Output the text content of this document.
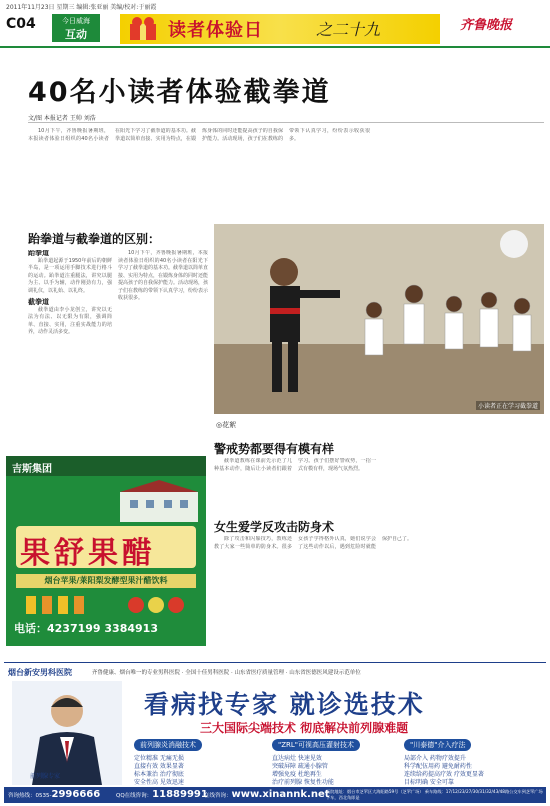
2011年11月23日 星期三 编辑:张亚丽 美编/校对:于丽霞
C04	今日威海
互动	读者体验日	之二十九	齐鲁晚报
40名小读者体验截拳道
文/图 本报记者 王帅 刘浩

10月下午，齐鲁晚报暑期班，本报读者体验日组织的40名小读者在阳光下学习了截拳道的基本功。截拳道以简单直接、实用为特点，在锻炼身体的同时还能提高孩子的自我保护能力。活动现场，孩子们在教练的带领下认真学习，纷纷表示收获很多。

跆拳道与截拳道的区别：
跆拳道

跆拳道起源于1950年前后的朝鲜半岛，是一项运用手脚技术进行格斗的运动。跆拳道注重腿法，讲究以腿为主、以手为辅，动作刚劲有力，强调礼仪，以礼始、以礼终。

截拳道

截拳道由李小龙创立，讲究以无法为有法、以无限为有限，强调简单、直接、实用，注重实战能力的培养，动作灵活多变。

10月下午，齐鲁晚报暑期班，本报读者体验日组织的40名小读者在阳光下学习了截拳道的基本功。截拳道以简单直接、实用为特点，在锻炼身体的同时还能提高孩子的自我保护能力。活动现场，孩子们在教练的带领下认真学习，纷纷表示收获很多。

小读者正在学习截拳道
◎花絮
警戒势都要得有模有样

截拳道教练在课前先示范了几种基本动作，随后让小读者们跟着学习。孩子们摆好警戒势，一招一式有模有样，现场气氛热烈。

女生爱学反攻击防身术

除了攻击和闪躲技巧，教练还教了大家一些简单的防身术。很多女孩子学得格外认真，她们说学会了这些动作以后，遇到危险时就能保护自己了。

吉斯集团
果舒果醋
烟台苹果/莱阳梨发酵型果汁醋饮料
电话：4237199 3384913
烟台新安男科医院	齐鲁健康、烟台唯一的专业男科医院 · 全国十佳男科医院 · 山东省医疗质量管理 · 山东省医德医风建设示范单位
前列腺专家
看病找专家 就诊选技术
三大国际尖端技术 彻底解决前列腺难题
前列腺炎消融技术	"ZRL"可视高压灌射技术	"川泰德"介入疗法
定位精准 无痛无损
直接有效 效果显著
标本兼治 治疗彻底
安全性高 见效迅速
直达病灶 快速见效
突破屏障 疏通小腺管
增强免疫 杜绝再生
治疗前列腺 恢复性功能
局部介入 药物疗效提升
科学配伍用药 避免耐药性
连续给药提高疗效 疗效更显著
目标明确 安全可靠
咨询热线：0535-2996666	QQ在线咨询：11889991
在线咨询：www.xinannk.net
医院地址：烟台市芝罘区大海阳路59号（芝罘广场） 乘车路线：17/12/23/27/30/31/32/43/48路公交车到芝罘广场下车，西北角即是
